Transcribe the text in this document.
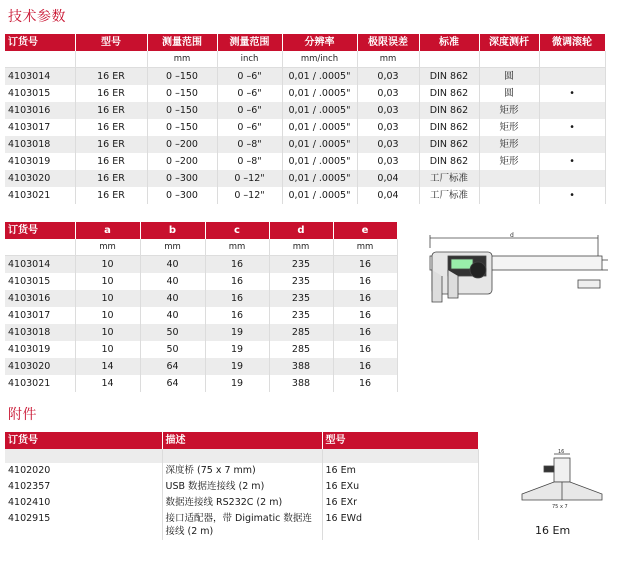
技术参数
订货号	型号	测量范围	测量范围	分辨率	极限误差	标准	深度测杆	微调滚轮
		mm	inch	mm/inch	mm			
4103014	16 ER	0 –150	0 –6"	0,01 / .0005"	0,03	DIN 862	圆	
4103015	16 ER	0 –150	0 –6"	0,01 / .0005"	0,03	DIN 862	圆	•
4103016	16 ER	0 –150	0 –6"	0,01 / .0005"	0,03	DIN 862	矩形	
4103017	16 ER	0 –150	0 –6"	0,01 / .0005"	0,03	DIN 862	矩形	•
4103018	16 ER	0 –200	0 –8"	0,01 / .0005"	0,03	DIN 862	矩形	
4103019	16 ER	0 –200	0 –8"	0,01 / .0005"	0,03	DIN 862	矩形	•
4103020	16 ER	0 –300	0 –12"	0,01 / .0005"	0,04	工厂标准		
4103021	16 ER	0 –300	0 –12"	0,01 / .0005"	0,04	工厂标准		•
订货号	a	b	c	d	e
	mm	mm	mm	mm	mm
4103014	10	40	16	235	16
4103015	10	40	16	235	16
4103016	10	40	16	235	16
4103017	10	40	16	235	16
4103018	10	50	19	285	16
4103019	10	50	19	285	16
4103020	14	64	19	388	16
4103021	14	64	19	388	16
d
附件
订货号	描述	型号

4102020	深度桥 (75 x 7 mm)	16 Em
4102357	USB 数据连接线 (2 m)	16 EXu
4102410	数据连接线 RS232C (2 m)	16 EXr
4102915	接口适配器，带 Digimatic 数据连接线 (2 m)	16 EWd
16
75 x 7
16 Em
